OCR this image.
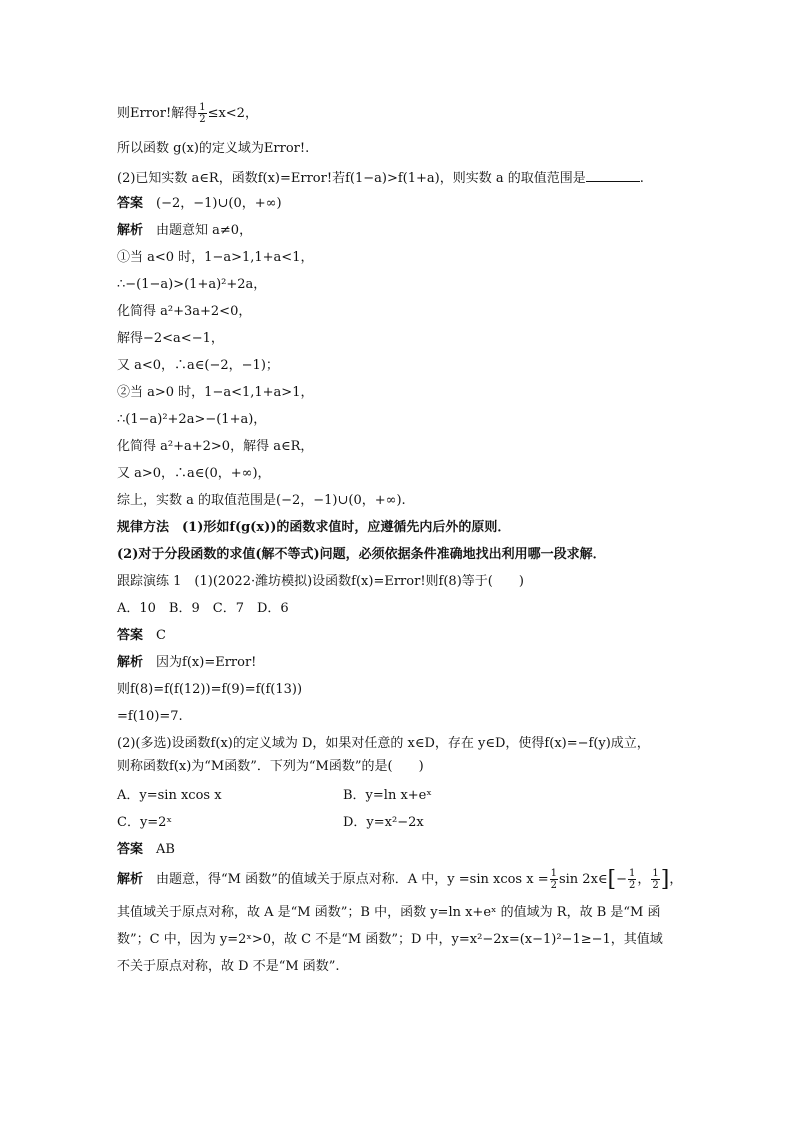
则Error!解得 $\frac{1}{2} \le x<2$，
所以函数 g(x)的定义域为Error!.
(2)已知实数 a∈R，函数f(x)=Error!若f(1−a)>f(1+a)，则实数 a 的取值范围是	.
答案　 (−2，−1)∪(0，+∞)
解析　 由题意知 a≠0，
①当 a<0 时，1−a>1,1+a<1，
∴−(1−a)>(1+a)²+2a，
化简得 a²+3a+2<0，
解得−2<a<−1，
又 a<0，∴a∈(−2，−1)；
②当 a>0 时，1−a<1,1+a>1，
∴(1−a)²+2a>−(1+a)，
化简得 a²+a+2>0，解得 a∈R，
又 a>0，∴a∈(0，+∞)，
综上，实数 a 的取值范围是(−2，−1)∪(0，+∞).
规律方法　(1)形如f(g(x))的函数求值时，应遵循先内后外的原则．
(2)对于分段函数的求值(解不等式)问题，必须依据条件准确地找出利用哪一段求解．
跟踪演练 1　(1)(2022·潍坊模拟)设函数f(x)=Error!则f(8)等于(　　)
A．10　B．9　C．7　D．6
答案　 C
解析　 因为f(x)=Error!
则f(8)=f(f(12))=f(9)=f(f(13))
=f(10)=7.
(2)(多选)设函数f(x)的定义域为 D，如果对任意的 x∈D，存在 y∈D，使得f(x)=−f(y)成立，
则称函数f(x)为“M函数”．下列为“M函数”的是(　　)
A．y=sin xcos x	B．y=ln x+eˣ
C．y=2ˣ	D．y=x²−2x
答案　 AB
解析　 由题意，得“M 函数”的值域关于原点对称．A 中，y =sin xcos $x = \frac{1}{2}$ sin 2x∈[− $\frac{1}{2}$ ， $\frac{1}{2}$ ]，
其值域关于原点对称，故 A 是“M 函数”；B 中，函数 y=ln x+eˣ 的值域为 R，故 B 是“M 函
数”；C 中，因为 y=2ˣ>0，故 C 不是“M 函数”；D 中，y=x²−2x=(x−1)²−1≥−1，其值域
不关于原点对称，故 D 不是“M 函数”.
